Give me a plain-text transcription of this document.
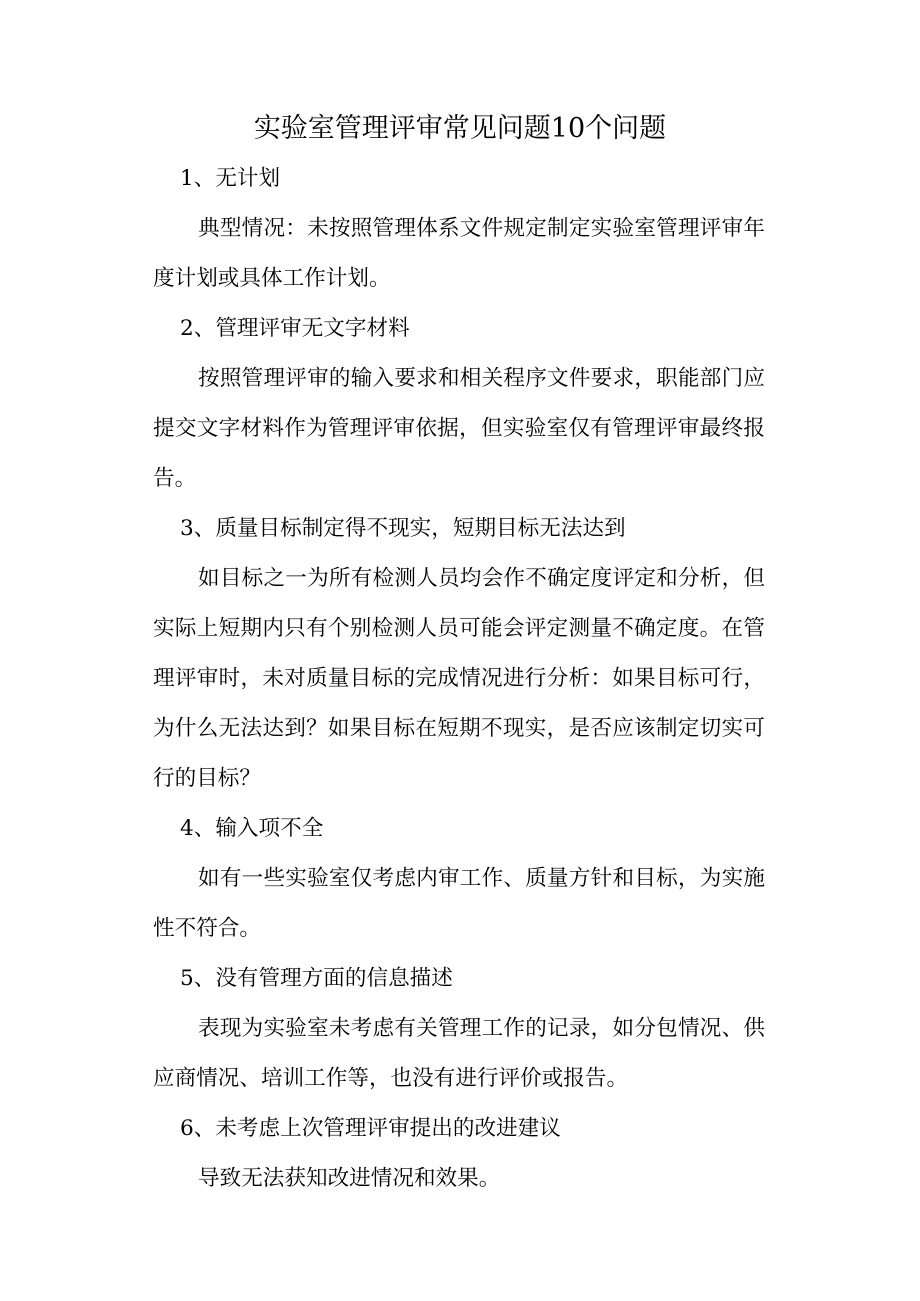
实验室管理评审常见问题10个问题
1、无计划
典型情况：未按照管理体系文件规定制定实验室管理评审年度计划或具体工作计划。
2、管理评审无文字材料
按照管理评审的输入要求和相关程序文件要求，职能部门应提交文字材料作为管理评审依据，但实验室仅有管理评审最终报告。
3、质量目标制定得不现实，短期目标无法达到
如目标之一为所有检测人员均会作不确定度评定和分析，但实际上短期内只有个别检测人员可能会评定测量不确定度。在管理评审时，未对质量目标的完成情况进行分析：如果目标可行，为什么无法达到？如果目标在短期不现实，是否应该制定切实可行的目标？
4、输入项不全
如有一些实验室仅考虑内审工作、质量方针和目标，为实施性不符合。
5、没有管理方面的信息描述
表现为实验室未考虑有关管理工作的记录，如分包情况、供应商情况、培训工作等，也没有进行评价或报告。
6、未考虑上次管理评审提出的改进建议
导致无法获知改进情况和效果。
